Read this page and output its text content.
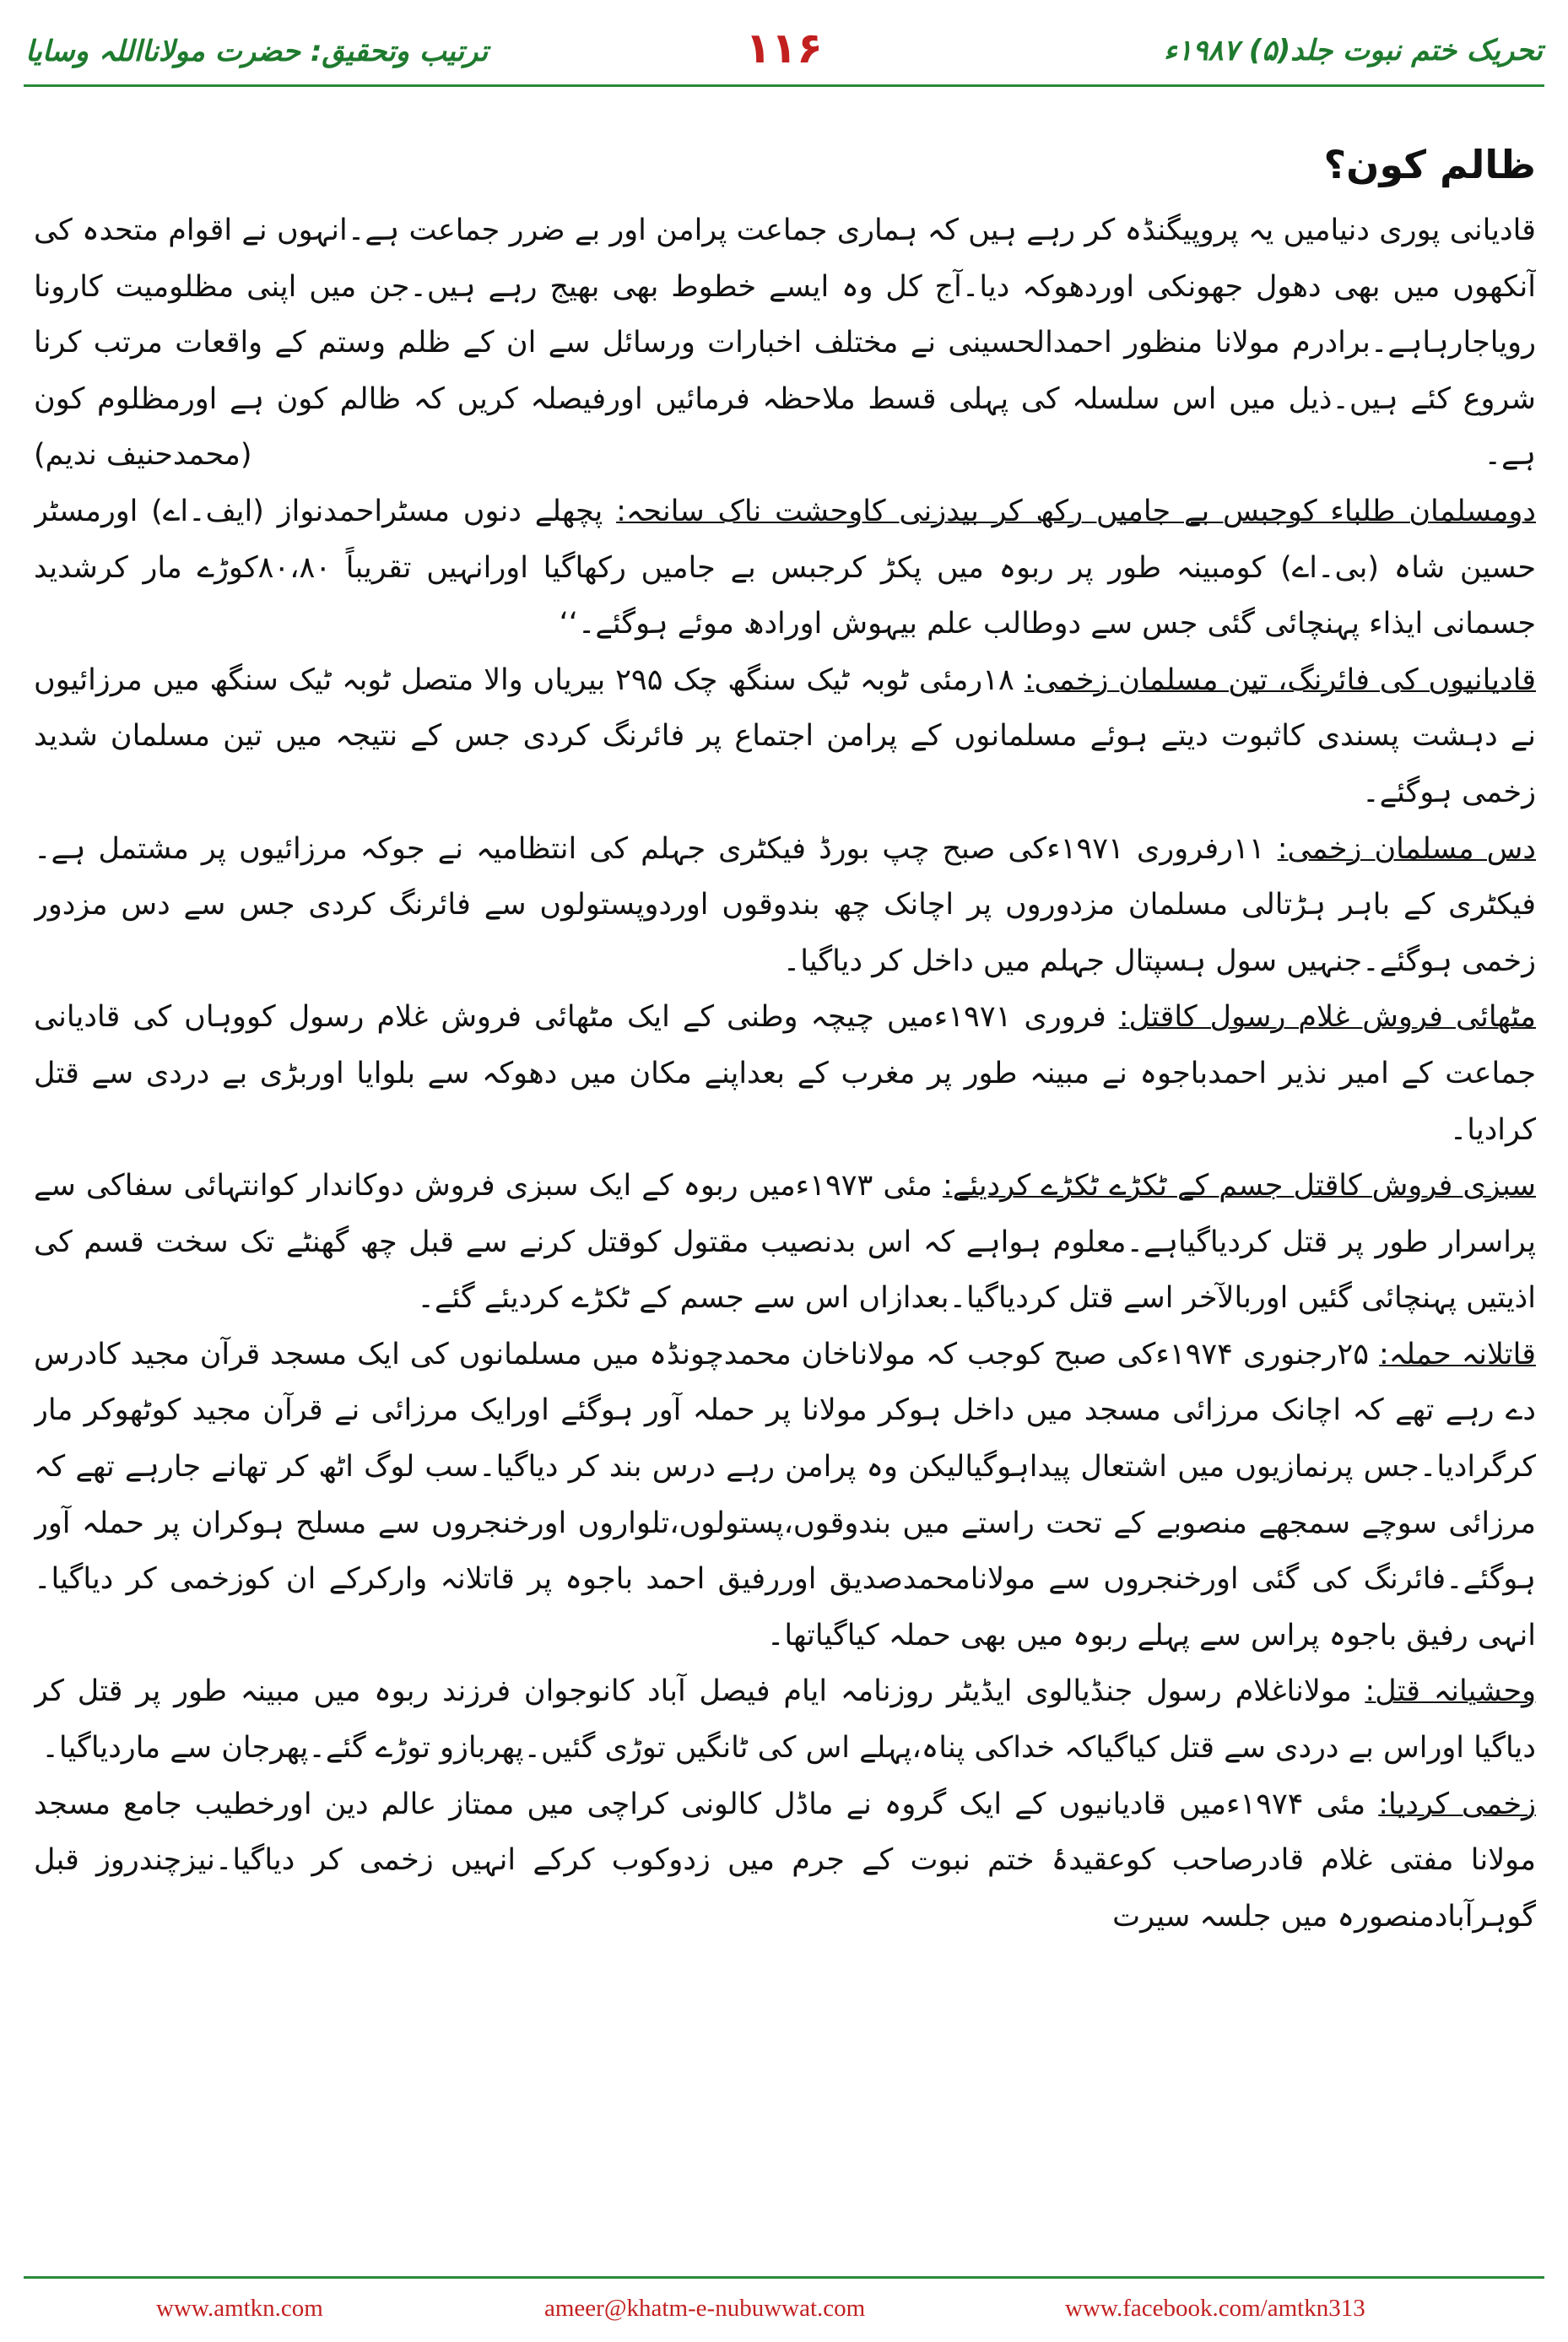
تحریک ختم نبوت جلد(۵) ۱۹۸۷ء
۱۱۶
ترتیب وتحقیق: حضرت مولانااللہ وسایا

ظالم کون؟

قادیانی پوری دنیامیں یہ پروپیگنڈہ کر رہے ہیں کہ ہماری جماعت پرامن اور بے ضرر جماعت ہے۔انہوں نے اقوام متحدہ کی آنکھوں میں بھی دھول جھونکی اوردھوکہ دیا۔آج کل وہ ایسے خطوط بھی بھیج رہے ہیں۔جن میں اپنی مظلومیت کارونا رویاجارہاہے۔برادرم مولانا منظور احمدالحسینی نے مختلف اخبارات ورسائل سے ان کے ظلم وستم کے واقعات مرتب کرنا شروع کئے ہیں۔ذیل میں اس سلسلہ کی پہلی قسط ملاحظہ فرمائیں اورفیصلہ کریں کہ ظالم کون ہے اورمظلوم کون ہے۔
(محمدحنیف ندیم)

دومسلمان طلباء کوجبس بے جامیں رکھ کر بیدزنی کاوحشت ناک سانحہ: پچھلے دنوں مسٹراحمدنواز (ایف۔اے) اورمسٹر حسین شاہ (بی۔اے) کومبینہ طور پر ربوہ میں پکڑ کرجبس بے جامیں رکھاگیا اورانہیں تقریباً ۸۰،۸۰کوڑے مار کرشدید جسمانی ایذاء پہنچائی گئی جس سے دوطالب علم بیہوش اورادھ موئے ہوگئے۔‘‘

قادیانیوں کی فائرنگ، تین مسلمان زخمی: ۱۸رمئی ٹوبہ ٹیک سنگھ چک ۲۹۵ بیریاں والا متصل ٹوبہ ٹیک سنگھ میں مرزائیوں نے دہشت پسندی کاثبوت دیتے ہوئے مسلمانوں کے پرامن اجتماع پر فائرنگ کردی جس کے نتیجہ میں تین مسلمان شدید زخمی ہوگئے۔

دس مسلمان زخمی: ۱۱رفروری ۱۹۷۱ءکی صبح چپ بورڈ فیکٹری جہلم کی انتظامیہ نے جوکہ مرزائیوں پر مشتمل ہے۔فیکٹری کے باہر ہڑتالی مسلمان مزدوروں پر اچانک چھ بندوقوں اوردوپستولوں سے فائرنگ کردی جس سے دس مزدور زخمی ہوگئے۔جنہیں سول ہسپتال جہلم میں داخل کر دیاگیا۔

مٹھائی فروش غلام رسول کاقتل: فروری ۱۹۷۱ءمیں چیچہ وطنی کے ایک مٹھائی فروش غلام رسول کووہاں کی قادیانی جماعت کے امیر نذیر احمدباجوہ نے مبینہ طور پر مغرب کے بعداپنے مکان میں دھوکہ سے بلوایا اوربڑی بے دردی سے قتل کرادیا۔

سبزی فروش کاقتل جسم کے ٹکڑے ٹکڑے کردیئے: مئی ۱۹۷۳ءمیں ربوہ کے ایک سبزی فروش دوکاندار کوانتہائی سفاکی سے پراسرار طور پر قتل کردیاگیاہے۔معلوم ہواہے کہ اس بدنصیب مقتول کوقتل کرنے سے قبل چھ گھنٹے تک سخت قسم کی اذیتیں پہنچائی گئیں اوربالآخر اسے قتل کردیاگیا۔بعدازاں اس سے جسم کے ٹکڑے کردیئے گئے۔

قاتلانہ حملہ: ۲۵رجنوری ۱۹۷۴ءکی صبح کوجب کہ مولاناخان محمدچونڈہ میں مسلمانوں کی ایک مسجد قرآن مجید کادرس دے رہے تھے کہ اچانک مرزائی مسجد میں داخل ہوکر مولانا پر حملہ آور ہوگئے اورایک مرزائی نے قرآن مجید کوٹھوکر مار کرگرادیا۔جس پرنمازیوں میں اشتعال پیداہوگیالیکن وہ پرامن رہے درس بند کر دیاگیا۔سب لوگ اٹھ کر تھانے جارہے تھے کہ مرزائی سوچے سمجھے منصوبے کے تحت راستے میں بندوقوں،پستولوں،تلواروں اورخنجروں سے مسلح ہوکران پر حملہ آور ہوگئے۔فائرنگ کی گئی اورخنجروں سے مولانامحمدصدیق اوررفیق احمد باجوہ پر قاتلانہ وارکرکے ان کوزخمی کر دیاگیا۔انہی رفیق باجوہ پراس سے پہلے ربوہ میں بھی حملہ کیاگیاتھا۔

وحشیانہ قتل: مولاناغلام رسول جنڈیالوی ایڈیٹر روزنامہ ایام فیصل آباد کانوجوان فرزند ربوہ میں مبینہ طور پر قتل کر دیاگیا اوراس بے دردی سے قتل کیاگیاکہ خداکی پناہ،پہلے اس کی ٹانگیں توڑی گئیں۔پھربازو توڑے گئے۔پھرجان سے ماردیاگیا۔

زخمی کردیا: مئی ۱۹۷۴ءمیں قادیانیوں کے ایک گروہ نے ماڈل کالونی کراچی میں ممتاز عالم دین اورخطیب جامع مسجد مولانا مفتی غلام قادرصاحب کوعقیدۂ ختم نبوت کے جرم میں زدوکوب کرکے انہیں زخمی کر دیاگیا۔نیزچندروز قبل گوہرآبادمنصورہ میں جلسہ سیرت

www.amtkn.com	ameer@khatm-e-nubuwwat.com	www.facebook.com/amtkn313
